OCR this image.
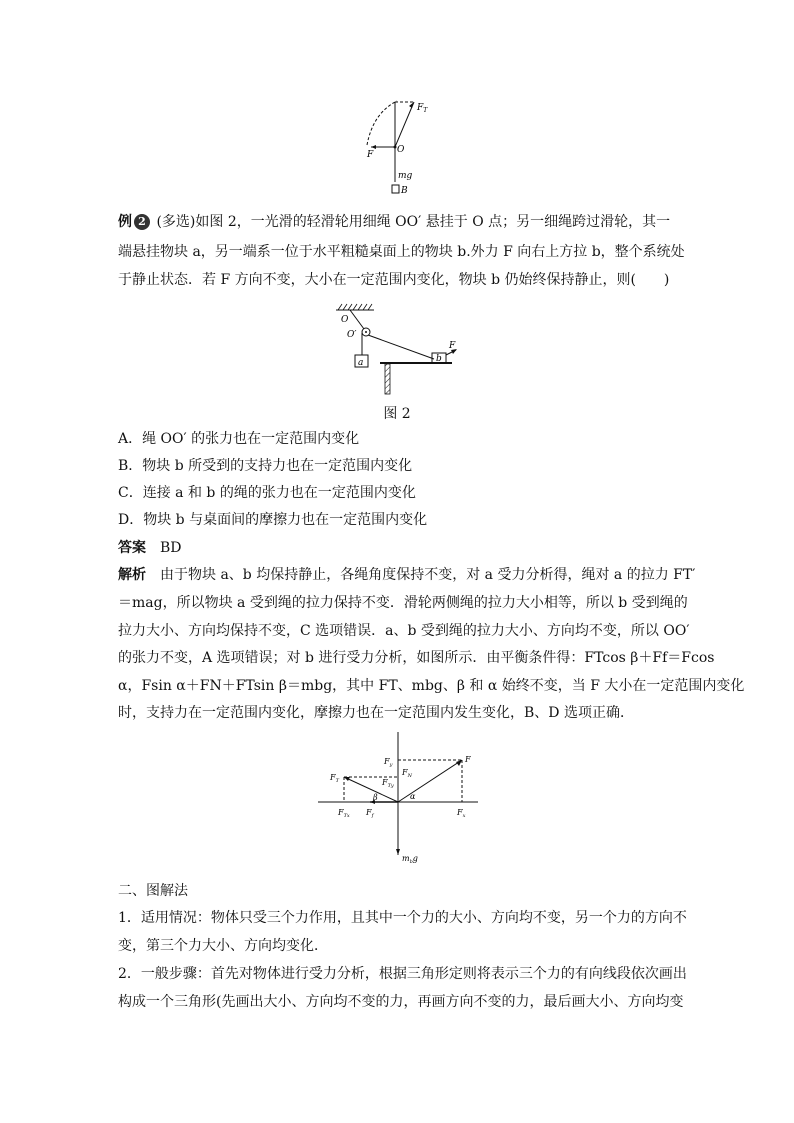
$F_T$
O
F
mg
B
例 2 (多选)如图 2，一光滑的轻滑轮用细绳 OO′ 悬挂于 O 点；另一细绳跨过滑轮，其一
端悬挂物块 a，另一端系一位于水平粗糙桌面上的物块 b.外力 F 向右上方拉 b，整个系统处
于静止状态．若 F 方向不变，大小在一定范围内变化，物块 b 仍始终保持静止，则(　　)
O
O′
a	b
F
图 2
A．绳 OO′ 的张力也在一定范围内变化
B．物块 b 所受到的支持力也在一定范围内变化
C．连接 a 和 b 的绳的张力也在一定范围内变化
D．物块 b 与桌面间的摩擦力也在一定范围内变化
答案　 BD
解析　 由于物块 a、b 均保持静止，各绳角度保持不变，对 a 受力分析得，绳对 a 的拉力 FT′
＝mag，所以物块 a 受到绳的拉力保持不变．滑轮两侧绳的拉力大小相等，所以 b 受到绳的
拉力大小、方向均保持不变，C 选项错误．a、b 受到绳的拉力大小、方向均不变，所以 OO′
的张力不变，A 选项错误；对 b 进行受力分析，如图所示．由平衡条件得：FTcos β＋Ff＝Fcos
α，Fsin α＋FN＋FTsin β＝mbg，其中 FT、mbg、β 和 α 始终不变，当 F 大小在一定范围内变化
时，支持力在一定范围内变化，摩擦力也在一定范围内发生变化，B、D 选项正确．
$F_y$
F
$F_N$
$F_T$	$F_{Ty}$
β	α
$F_{Tx}$ $F_f$	$F_x$
$m_bg$
二、图解法
1．适用情况：物体只受三个力作用，且其中一个力的大小、方向均不变，另一个力的方向不
变，第三个力大小、方向均变化．
2．一般步骤：首先对物体进行受力分析，根据三角形定则将表示三个力的有向线段依次画出
构成一个三角形(先画出大小、方向均不变的力，再画方向不变的力，最后画大小、方向均变
